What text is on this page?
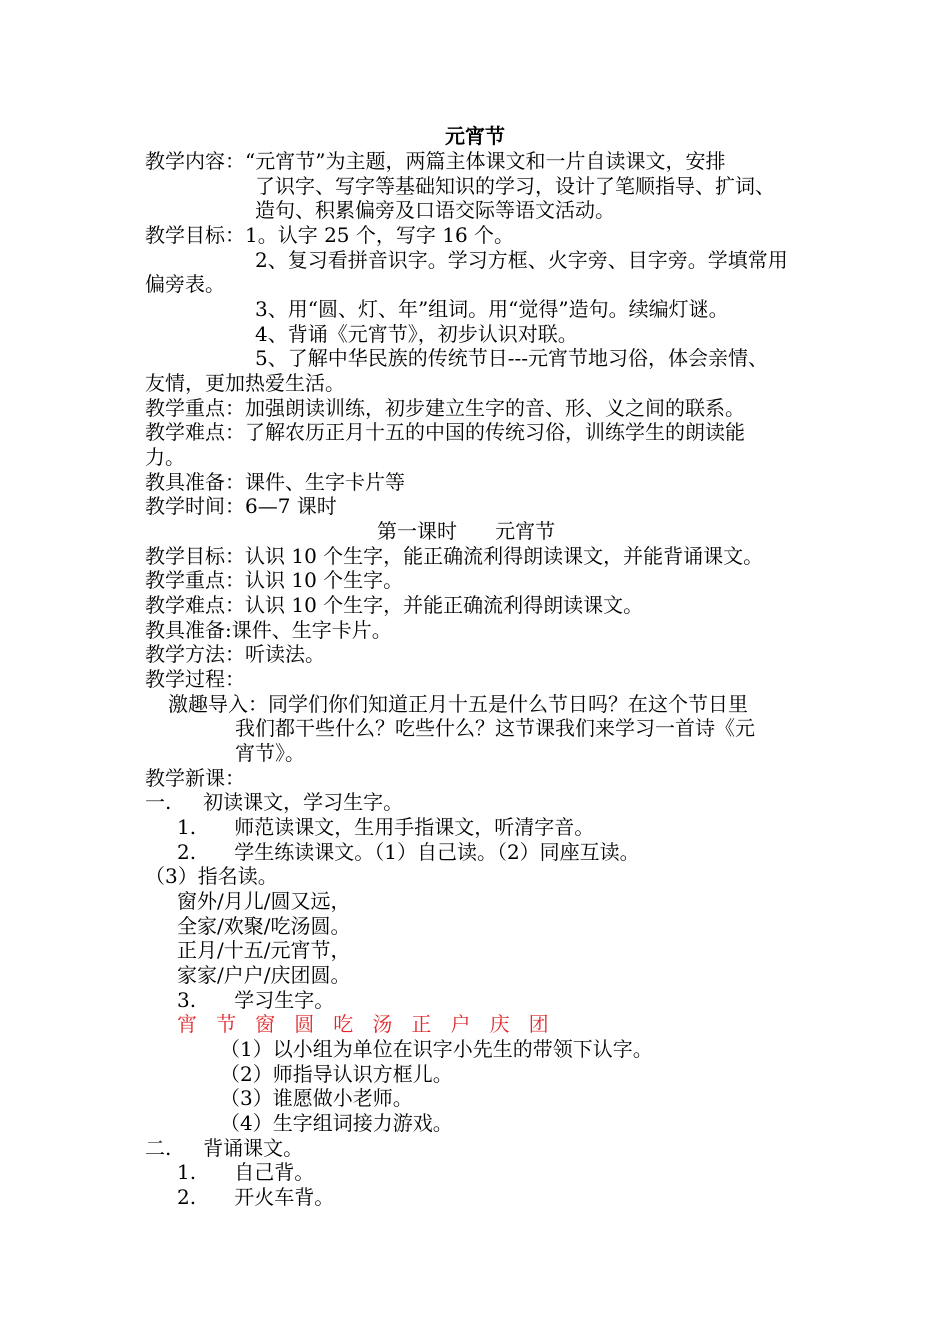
元宵节
教学内容：“元宵节”为主题，两篇主体课文和一片自读课文，安排
了识字、写字等基础知识的学习，设计了笔顺指导、扩词、
造句、积累偏旁及口语交际等语文活动。
教学目标：1。认字 25 个，写字 16 个。
2、复习看拼音识字。学习方框、火字旁、目字旁。学填常用
偏旁表。
3、用“圆、灯、年”组词。用“觉得”造句。续编灯谜。
4、背诵《元宵节》，初步认识对联。
5、了解中华民族的传统节日---元宵节地习俗，体会亲情、
友情，更加热爱生活。
教学重点：加强朗读训练，初步建立生字的音、形、义之间的联系。
教学难点：了解农历正月十五的中国的传统习俗，训练学生的朗读能
力。
教具准备：课件、生字卡片等
教学时间：6—7 课时
第一课时      元宵节
教学目标：认识 10 个生字，能正确流利得朗读课文，并能背诵课文。
教学重点：认识 10 个生字。
教学难点：认识 10 个生字，并能正确流利得朗读课文。
教具准备:课件、生字卡片。
教学方法：听读法。
教学过程：
激趣导入：同学们你们知道正月十五是什么节日吗？在这个节日里
我们都干些什么？吃些什么？这节课我们来学习一首诗《元
宵节》。
教学新课：
一.     初读课文，学习生字。
1.      师范读课文，生用手指课文，听清字音。
2.      学生练读课文。（1）自己读。（2）同座互读。
（3）指名读。
窗外/月儿/圆又远，
全家/欢聚/吃汤圆。
正月/十五/元宵节，
家家/户户/庆团圆。
3.      学习生字。
宵   节   窗   圆   吃   汤   正   户   庆   团
（1）以小组为单位在识字小先生的带领下认字。
（2）师指导认识方框儿。
（3）谁愿做小老师。
（4）生字组词接力游戏。
二.     背诵课文。
1.      自己背。
2.      开火车背。
